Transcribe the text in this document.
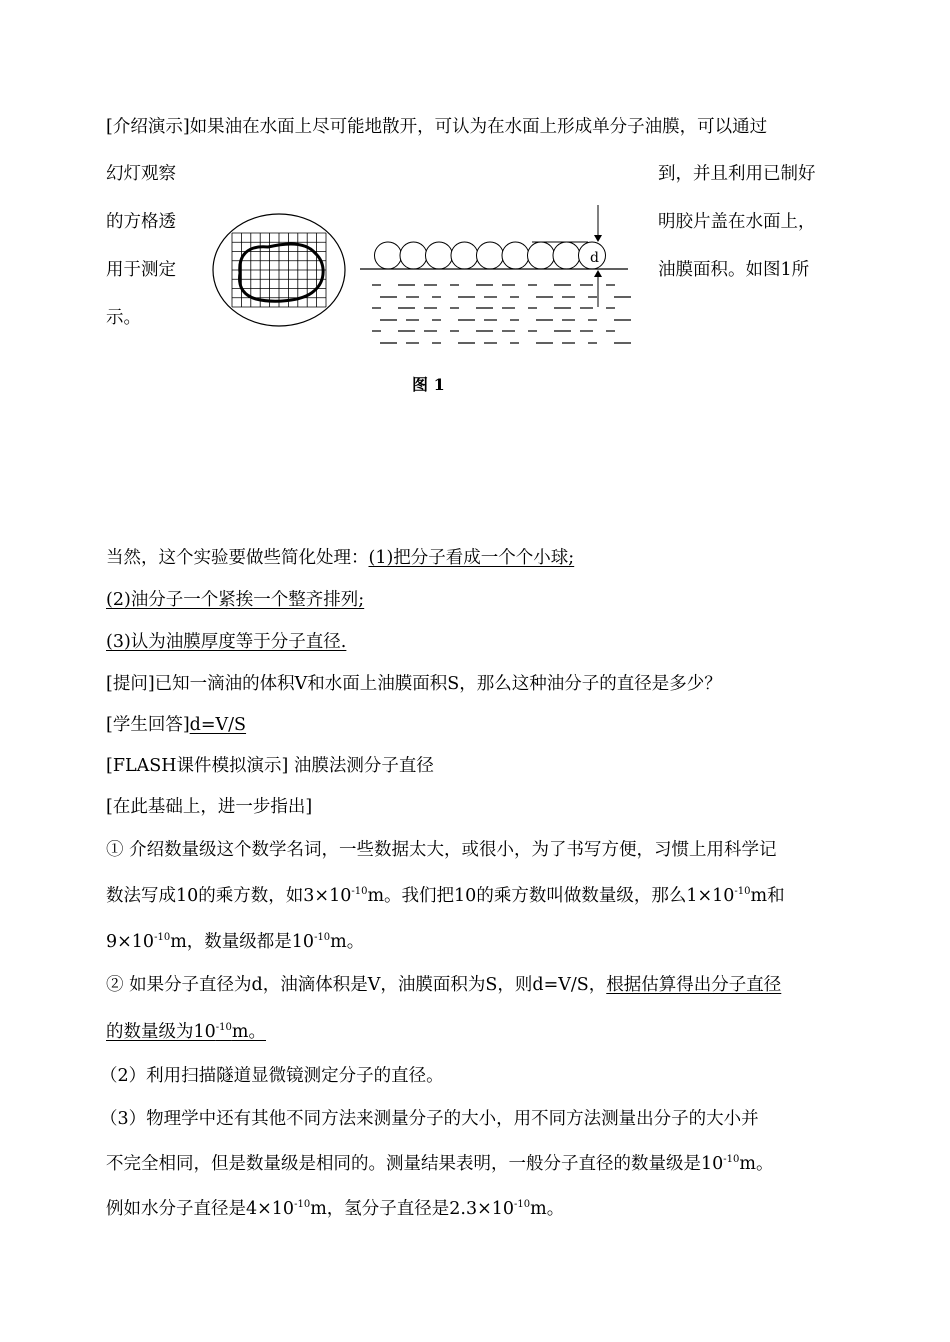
[介绍演示]如果油在水面上尽可能地散开，可认为在水面上形成单分子油膜，可以通过
幻灯观察
的方格透
用于测定
示。
到，并且利用已制好
明胶片盖在水面上，
油膜面积。如图1所
d
图 1
当然，这个实验要做些简化处理：(1)把分子看成一个个小球;
(2)油分子一个紧挨一个整齐排列;
(3)认为油膜厚度等于分子直径.
[提问]已知一滴油的体积V和水面上油膜面积S，那么这种油分子的直径是多少？
[学生回答]d=V/S
[FLASH课件模拟演示] 油膜法测分子直径
[在此基础上，进一步指出]
① 介绍数量级这个数学名词，一些数据太大，或很小，为了书写方便，习惯上用科学记
数法写成10的乘方数，如$3\times 10^{-10}m$。我们把10的乘方数叫做数量级，那么$1\times 10^{-10}m$和
$9\times 10^{-10}m$，数量级都是$10^{-10}m$。
② 如果分子直径为d，油滴体积是V，油膜面积为S，则d=V/S，根据估算得出分子直径
的数量级为$10^{-10}m$。
（2）利用扫描隧道显微镜测定分子的直径。
（3）物理学中还有其他不同方法来测量分子的大小，用不同方法测量出分子的大小并
不完全相同，但是数量级是相同的。测量结果表明，一般分子直径的数量级是$10^{-10}m$。
例如水分子直径是$4\times 10^{-10}m$，氢分子直径是$2.3\times 10^{-10}m$。
